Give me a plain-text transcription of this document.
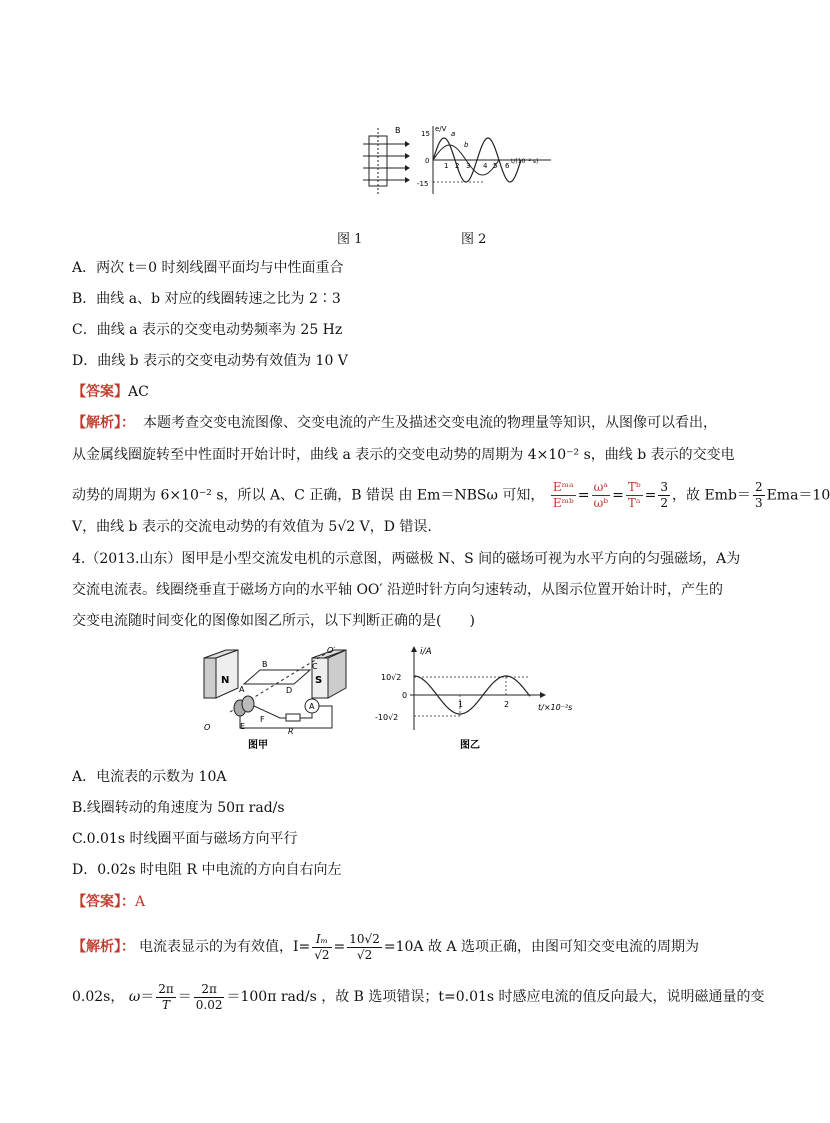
B	e/V
15
0
-15
a
b
1 2 3 4 5 6
t/(10⁻² s)
图 1	图 2
A．两次 t＝0 时刻线圈平面均与中性面重合
B．曲线 a、b 对应的线圈转速之比为 2∶3
C．曲线 a 表示的交变电动势频率为 25 Hz
D．曲线 b 表示的交变电动势有效值为 10 V
【答案】AC
【解析】： 本题考查交变电流图像、交变电流的产生及描述交变电流的物理量等知识，从图像可以看出，
从金属线圈旋转至中性面时开始计时，曲线 a 表示的交变电动势的周期为 4×10⁻² s，曲线 b 表示的交变电
动势的周期为 6×10⁻² s，所以 A、C 正确，B 错误 由 Em＝NBSω 可知， $\frac{\text{Eᵐᵃ}}{\text{Eᵐᵇ}} = \frac{\text{ωᵃ}}{\text{ωᵇ}} = \frac{\text{Tᵇ}}{\text{Tᵃ}} = \frac{3}{2}$ ，故 $Emb= \frac{2}{3} Ema=10$
V，曲线 b 表示的交流电动势的有效值为 5√2 V，D 错误.
4.（2013.山东）图甲是小型交流发电机的示意图，两磁极 N、S 间的磁场可视为水平方向的匀强磁场，A为
交流电流表。线圈绕垂直于磁场方向的水平轴 OO′ 沿逆时针方向匀速转动，从图示位置开始计时，产生的
交变电流随时间变化的图像如图乙所示，以下判断正确的是(　　)
N	S
A
B	C
D
O′
O	E
F
R
A
图甲
i/A
10√2
0
-10√2
1	2	t/×10⁻²s
图乙
A．电流表的示数为 10A
B.线圈转动的角速度为 50π rad/s
C.0.01s 时线圈平面与磁场方向平行
D．0.02s 时电阻 R 中电流的方向自右向左
【答案】：A
【解析】： 电流表显示的为有效值，$I= \frac{\text{Iₘ}}{√2} = \frac{10√2}{√2} =10A$ 故 A 选项正确，由图可知交变电流的周期为
0.02s， $\omega= \frac{2\pi}{T} = \frac{2\pi}{0.02} =100\pi$ rad/s ，故 B 选项错误；t=0.01s 时感应电流的值反向最大，说明磁通量的变
